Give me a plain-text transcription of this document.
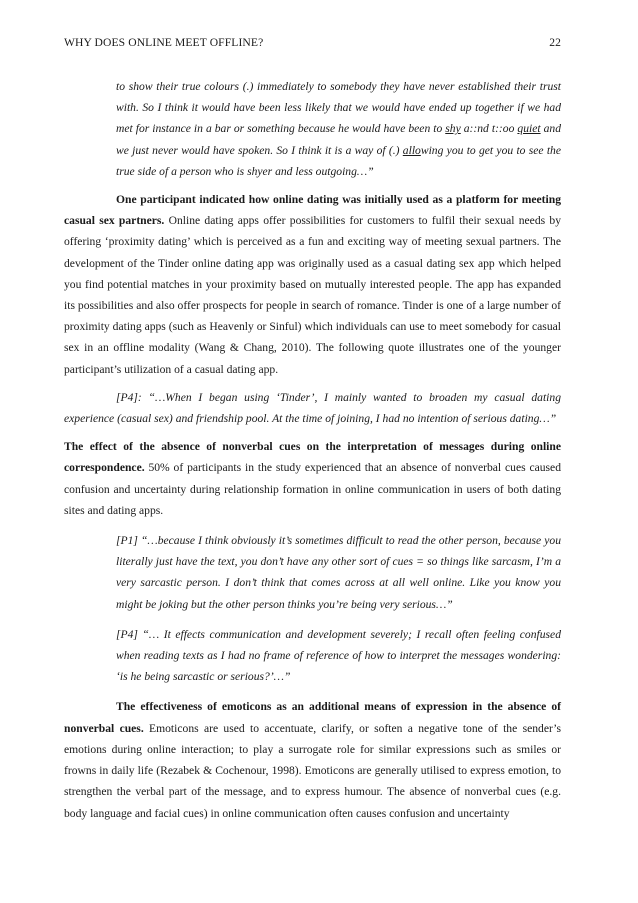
WHY DOES ONLINE MEET OFFLINE?	22

to show their true colours (.) immediately to somebody they have never established their trust with. So I think it would have been less likely that we would have ended up together if we had met for instance in a bar or something because he would have been to shy a::nd t::oo quiet and we just never would have spoken. So I think it is a way of (.) allowing you to get you to see the true side of a person who is shyer and less outgoing…”

One participant indicated how online dating was initially used as a platform for meeting casual sex partners. Online dating apps offer possibilities for customers to fulfil their sexual needs by offering ‘proximity dating’ which is perceived as a fun and exciting way of meeting sexual partners. The development of the Tinder online dating app was originally used as a casual dating sex app which helped you find potential matches in your proximity based on mutually interested people. The app has expanded its possibilities and also offer prospects for people in search of romance. Tinder is one of a large number of proximity dating apps (such as Heavenly or Sinful) which individuals can use to meet somebody for casual sex in an offline modality (Wang & Chang, 2010). The following quote illustrates one of the younger participant’s utilization of a casual dating app.

[P4]: “…When I began using ‘Tinder’, I mainly wanted to broaden my casual dating experience (casual sex) and friendship pool. At the time of joining, I had no intention of serious dating…”

The effect of the absence of nonverbal cues on the interpretation of messages during online correspondence. 50% of participants in the study experienced that an absence of nonverbal cues caused confusion and uncertainty during relationship formation in online communication in users of both dating sites and dating apps.

[P1] “…because I think obviously it’s sometimes difficult to read the other person, because you literally just have the text, you don’t have any other sort of cues = so things like sarcasm, I’m a very sarcastic person. I don’t think that comes across at all well online. Like you know you might be joking but the other person thinks you’re being very serious…”

[P4] “… It effects communication and development severely; I recall often feeling confused when reading texts as I had no frame of reference of how to interpret the messages wondering: ‘is he being sarcastic or serious?’…”

The effectiveness of emoticons as an additional means of expression in the absence of nonverbal cues. Emoticons are used to accentuate, clarify, or soften a negative tone of the sender’s emotions during online interaction; to play a surrogate role for similar expressions such as smiles or frowns in daily life (Rezabek & Cochenour, 1998). Emoticons are generally utilised to express emotion, to strengthen the verbal part of the message, and to express humour. The absence of nonverbal cues (e.g. body language and facial cues) in online communication often causes confusion and uncertainty
